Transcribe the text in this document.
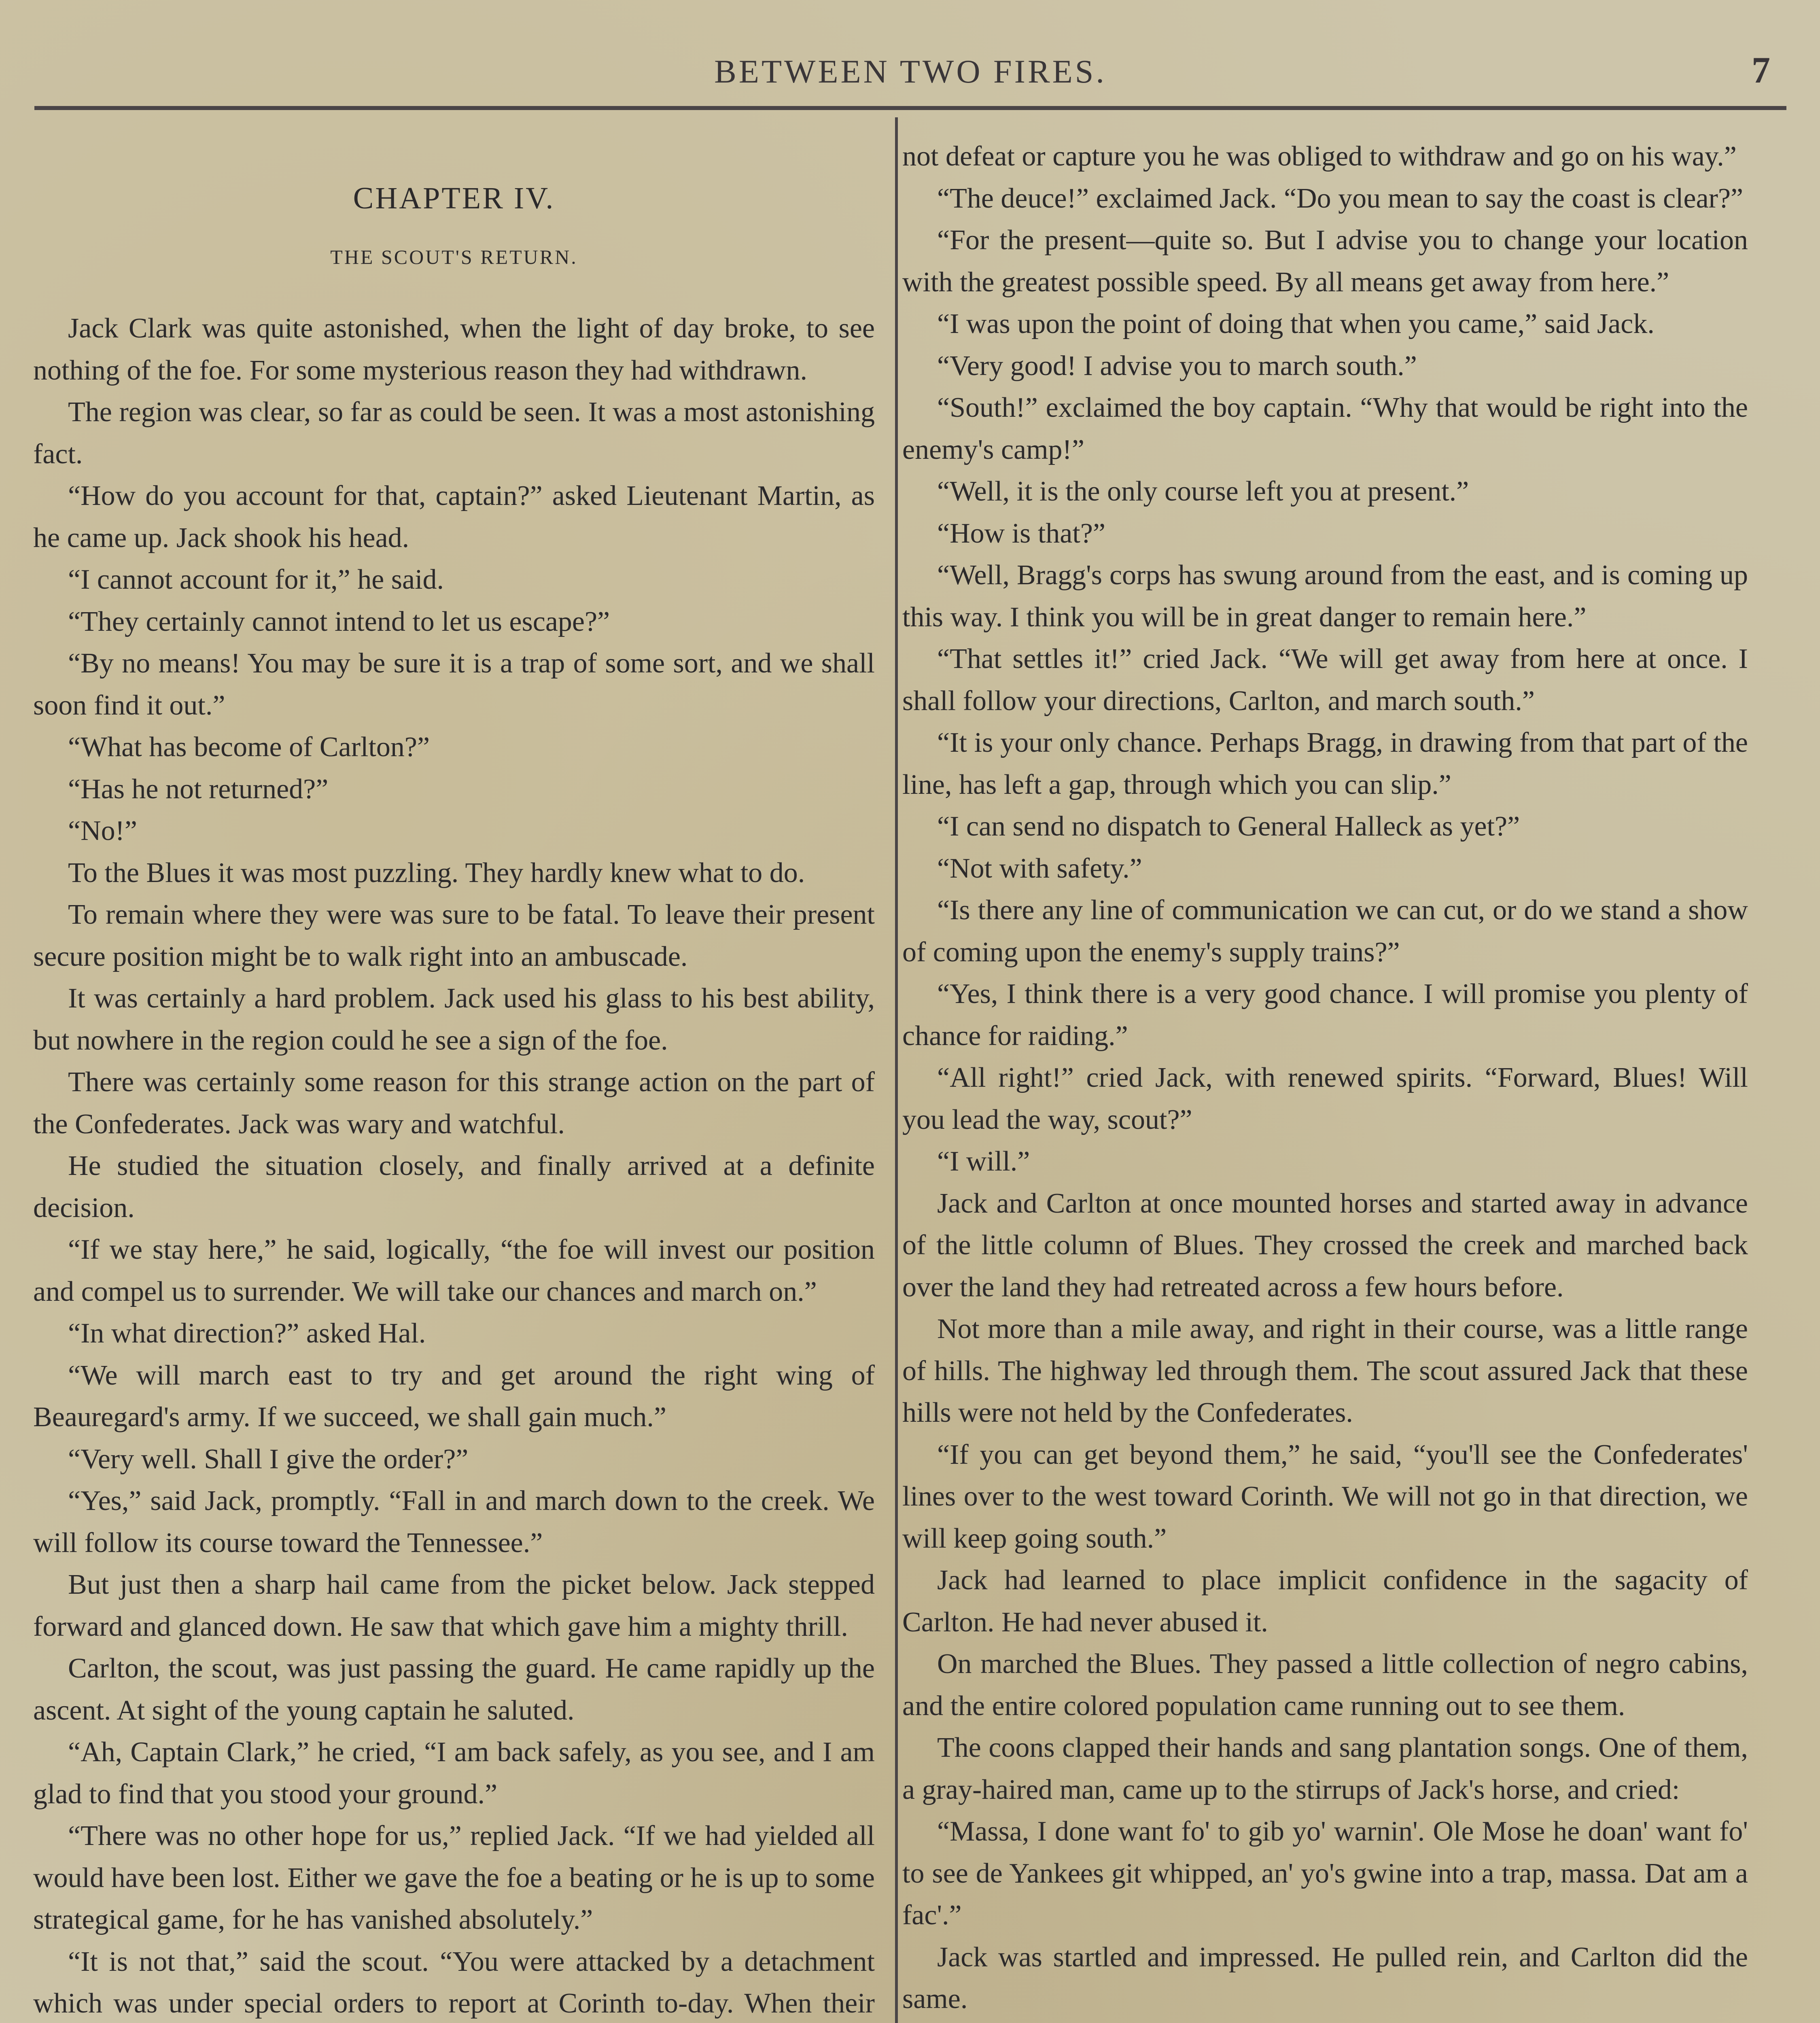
BETWEEN TWO FIRES.	7
CHAPTER IV.
THE SCOUT'S RETURN.

Jack Clark was quite astonished, when the light of day broke, to see nothing of the foe. For some mysterious reason they had withdrawn.

The region was clear, so far as could be seen. It was a most astonishing fact.

“How do you account for that, captain?” asked Lieutenant Martin, as he came up. Jack shook his head.

“I cannot account for it,” he said.

“They certainly cannot intend to let us escape?”

“By no means! You may be sure it is a trap of some sort, and we shall soon find it out.”

“What has become of Carlton?”

“Has he not returned?”

“No!”

To the Blues it was most puzzling. They hardly knew what to do.

To remain where they were was sure to be fatal. To leave their present secure position might be to walk right into an ambuscade.

It was certainly a hard problem. Jack used his glass to his best ability, but nowhere in the region could he see a sign of the foe.

There was certainly some reason for this strange action on the part of the Confederates. Jack was wary and watchful.

He studied the situation closely, and finally arrived at a definite decision.

“If we stay here,” he said, logically, “the foe will invest our position and compel us to surrender. We will take our chances and march on.”

“In what direction?” asked Hal.

“We will march east to try and get around the right wing of Beauregard's army. If we succeed, we shall gain much.”

“Very well. Shall I give the order?”

“Yes,” said Jack, promptly. “Fall in and march down to the creek. We will follow its course toward the Tennessee.”

But just then a sharp hail came from the picket below. Jack stepped forward and glanced down. He saw that which gave him a mighty thrill.

Carlton, the scout, was just passing the guard. He came rapidly up the ascent. At sight of the young captain he saluted.

“Ah, Captain Clark,” he cried, “I am back safely, as you see, and I am glad to find that you stood your ground.”

“There was no other hope for us,” replied Jack. “If we had yielded all would have been lost. Either we gave the foe a beating or he is up to some strategical game, for he has vanished absolutely.”

“It is not that,” said the scout. “You were attacked by a detachment which was under special orders to report at Corinth to-day. When their

not defeat or capture you he was obliged to withdraw and go on his way.”

“The deuce!” exclaimed Jack. “Do you mean to say the coast is clear?”

“For the present—quite so. But I advise you to change your location with the greatest possible speed. By all means get away from here.”

“I was upon the point of doing that when you came,” said Jack.

“Very good! I advise you to march south.”

“South!” exclaimed the boy captain. “Why that would be right into the enemy's camp!”

“Well, it is the only course left you at present.”

“How is that?”

“Well, Bragg's corps has swung around from the east, and is coming up this way. I think you will be in great danger to remain here.”

“That settles it!” cried Jack. “We will get away from here at once. I shall follow your directions, Carlton, and march south.”

“It is your only chance. Perhaps Bragg, in drawing from that part of the line, has left a gap, through which you can slip.”

“I can send no dispatch to General Halleck as yet?”

“Not with safety.”

“Is there any line of communication we can cut, or do we stand a show of coming upon the enemy's supply trains?”

“Yes, I think there is a very good chance. I will promise you plenty of chance for raiding.”

“All right!” cried Jack, with renewed spirits. “Forward, Blues! Will you lead the way, scout?”

“I will.”

Jack and Carlton at once mounted horses and started away in advance of the little column of Blues. They crossed the creek and marched back over the land they had retreated across a few hours before.

Not more than a mile away, and right in their course, was a little range of hills. The highway led through them. The scout assured Jack that these hills were not held by the Confederates.

“If you can get beyond them,” he said, “you'll see the Confederates' lines over to the west toward Corinth. We will not go in that direction, we will keep going south.”

Jack had learned to place implicit confidence in the sagacity of Carlton. He had never abused it.

On marched the Blues. They passed a little collection of negro cabins, and the entire colored population came running out to see them.

The coons clapped their hands and sang plantation songs. One of them, a gray-haired man, came up to the stirrups of Jack's horse, and cried:

“Massa, I done want fo' to gib yo' warnin'. Ole Mose he doan' want fo' to see de Yankees git whipped, an' yo's gwine into a trap, massa. Dat am a fac'.”

Jack was startled and impressed. He pulled rein, and Carlton did the same.
